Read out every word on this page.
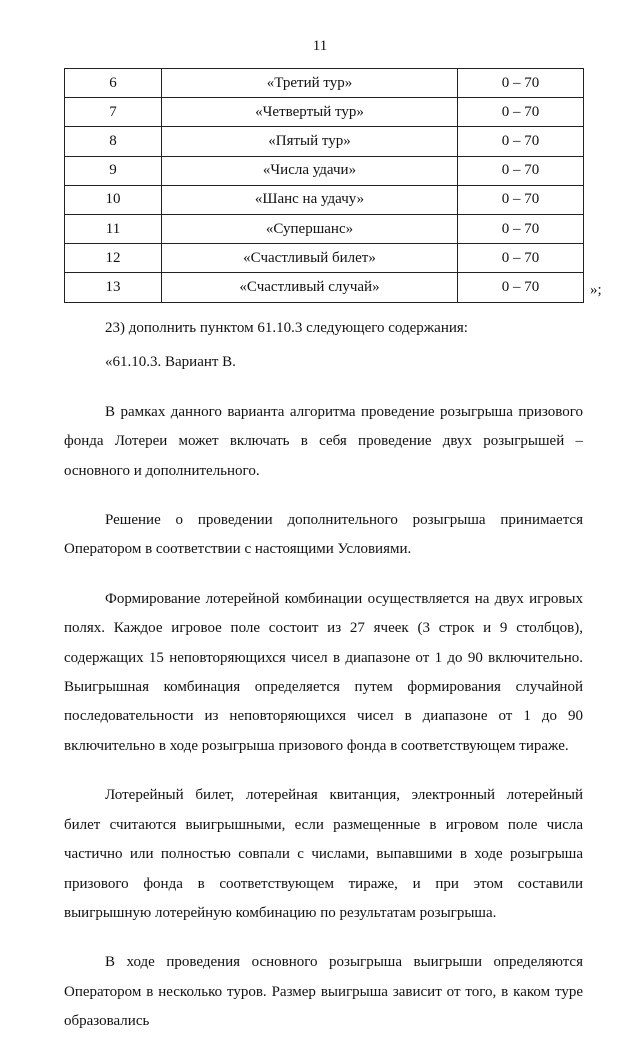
11
6	«Третий тур»	0 – 70
7	«Четвертый тур»	0 – 70
8	«Пятый тур»	0 – 70
9	«Числа удачи»	0 – 70
10	«Шанс на удачу»	0 – 70
11	«Супершанс»	0 – 70
12	«Счастливый билет»	0 – 70
13	«Счастливый случай»	0 – 70	»;

23) дополнить пунктом 61.10.3 следующего содержания:

«61.10.3. Вариант В.

В рамках данного варианта алгоритма проведение розыгрыша призового фонда Лотереи может включать в себя проведение двух розыгрышей – основного и дополнительного.

Решение о проведении дополнительного розыгрыша принимается Оператором в соответствии с настоящими Условиями.

Формирование лотерейной комбинации осуществляется на двух игровых полях. Каждое игровое поле состоит из 27 ячеек (3 строк и 9 столбцов), содержащих 15 неповторяющихся чисел в диапазоне от 1 до 90 включительно. Выигрышная комбинация определяется путем формирования случайной последовательности из неповторяющихся чисел в диапазоне от 1 до 90 включительно в ходе розыгрыша призового фонда в соответствующем тираже.

Лотерейный билет, лотерейная квитанция, электронный лотерейный билет считаются выигрышными, если размещенные в игровом поле числа частично или полностью совпали с числами, выпавшими в ходе розыгрыша призового фонда в соответствующем тираже, и при этом составили выигрышную лотерейную комбинацию по результатам розыгрыша.

В ходе проведения основного розыгрыша выигрыши определяются Оператором в несколько туров. Размер выигрыша зависит от того, в каком туре образовались
